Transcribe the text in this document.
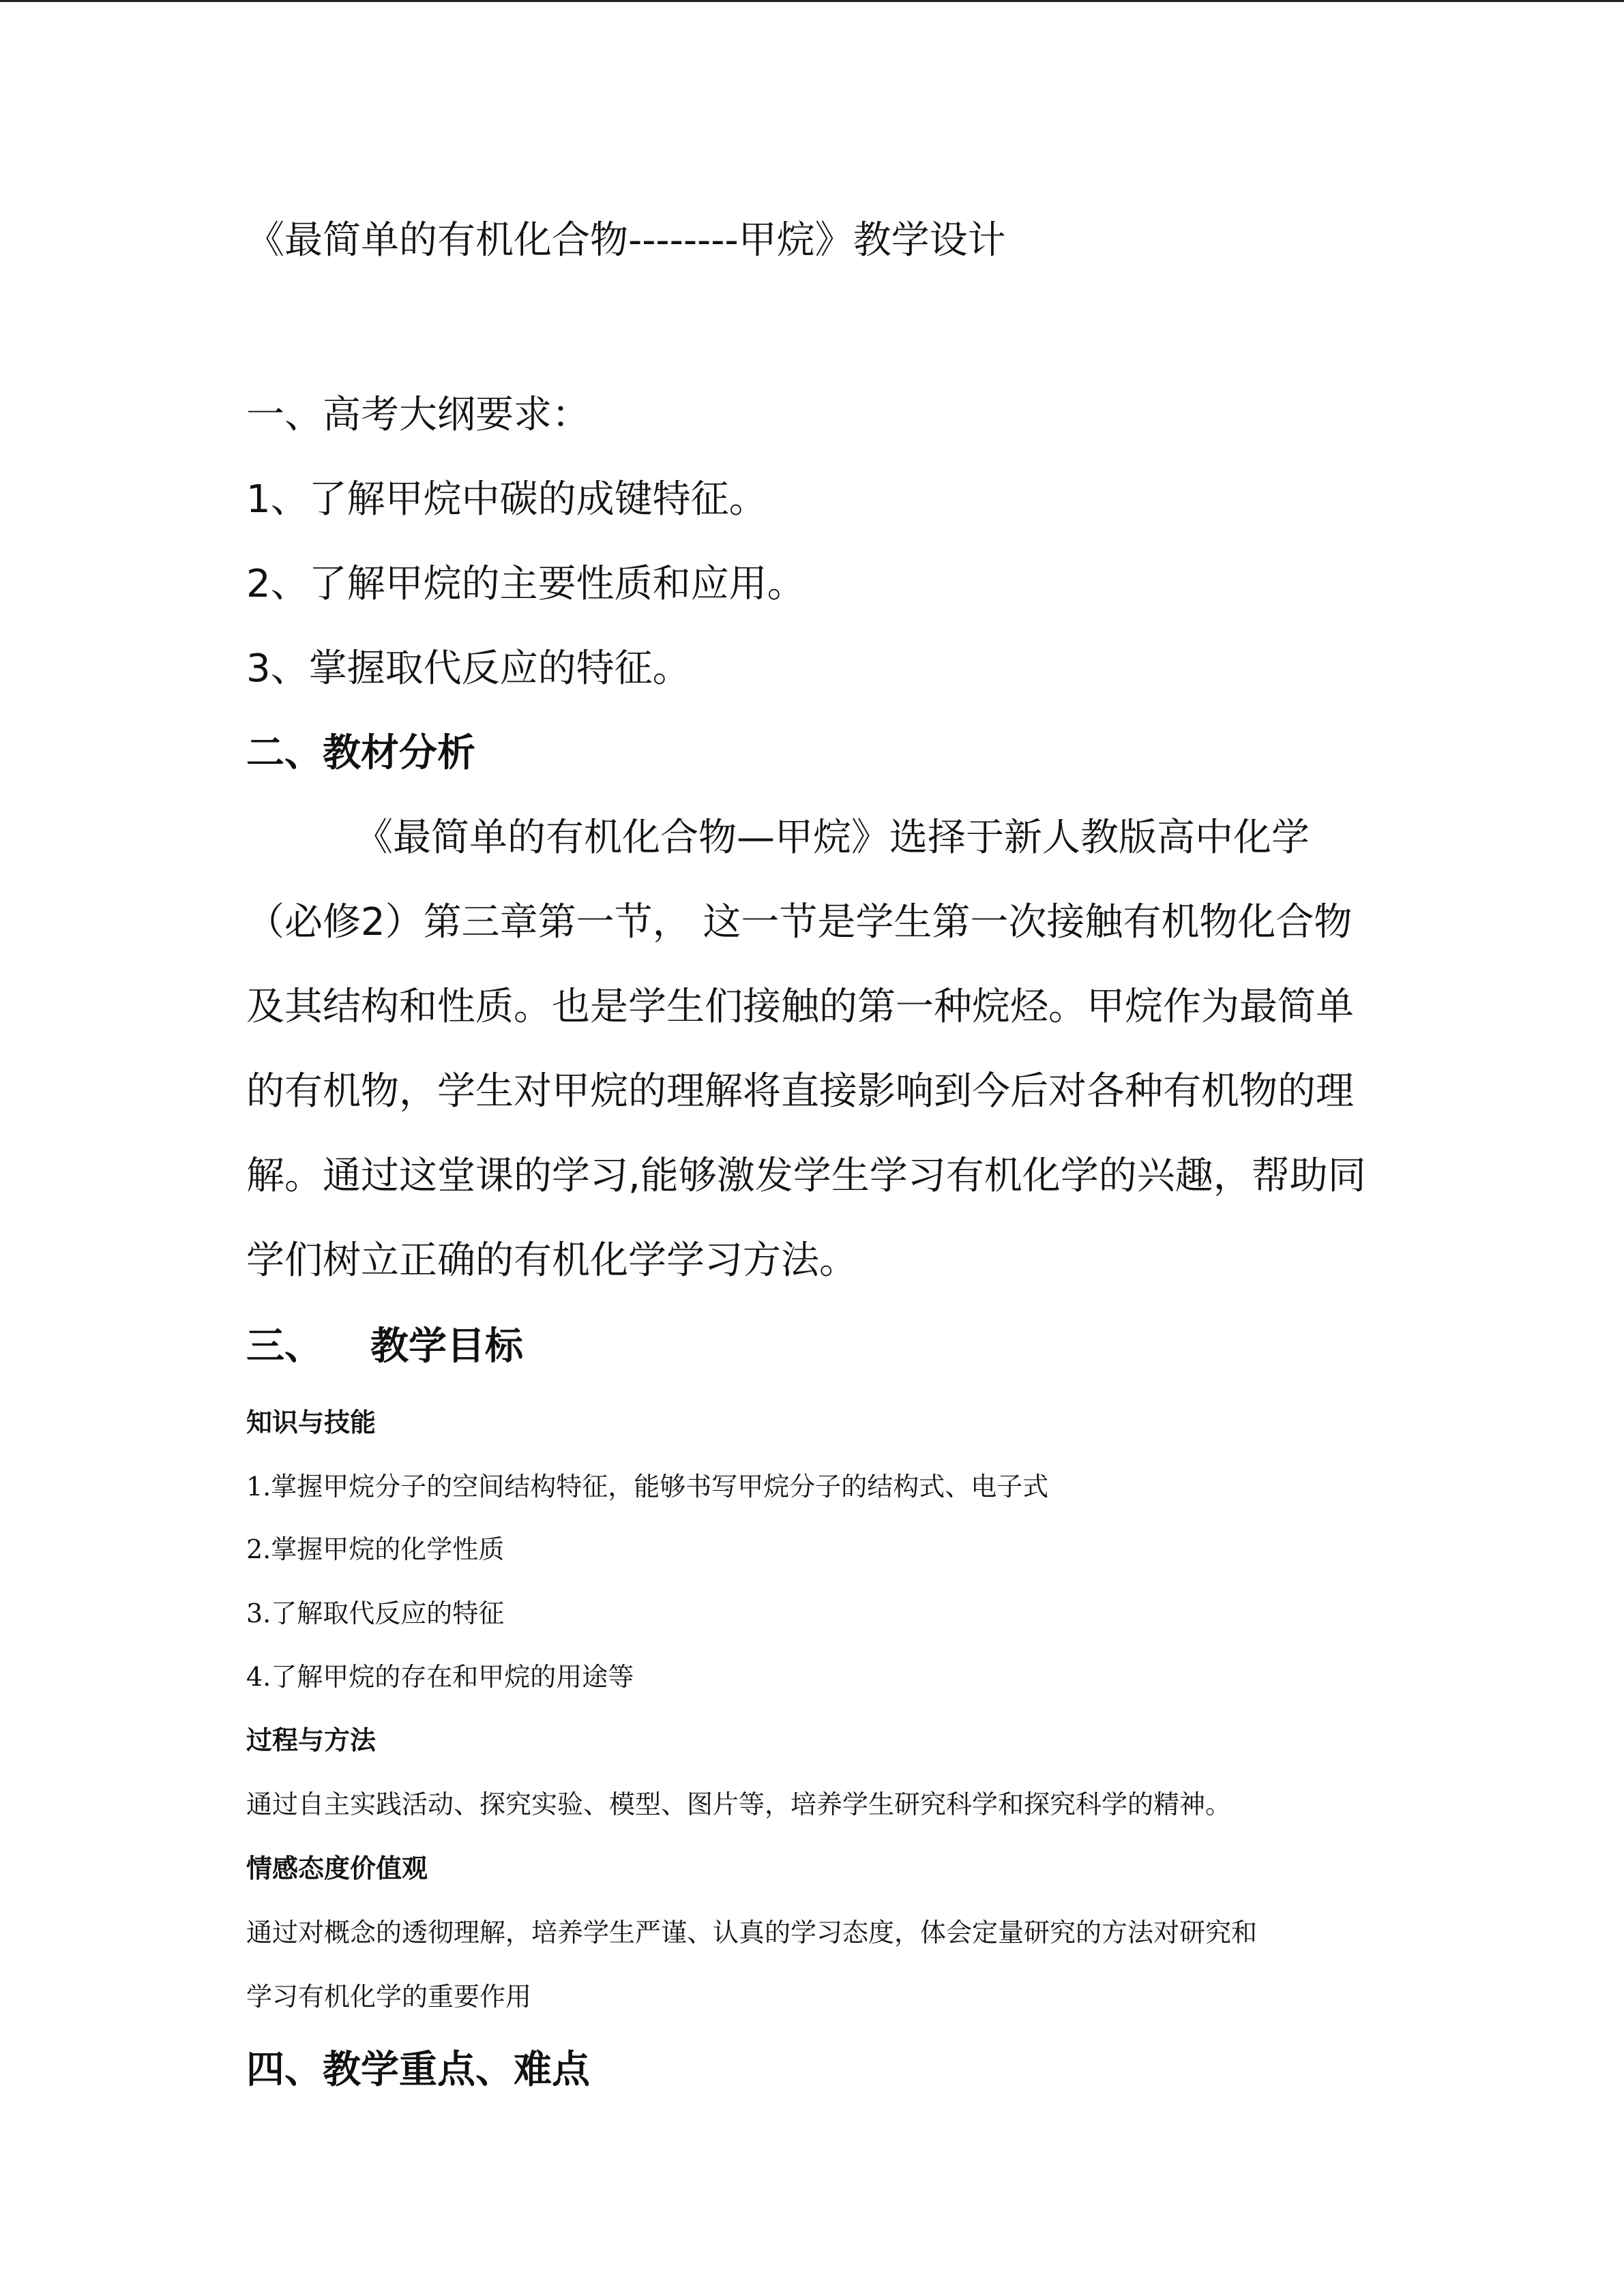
《最简单的有机化合物--------甲烷》教学设计
一、高考大纲要求：
1、了解甲烷中碳的成键特征。
2、了解甲烷的主要性质和应用。
3、掌握取代反应的特征。
二、教材分析
《最简单的有机化合物—甲烷》选择于新人教版高中化学
（必修2）第三章第一节， 这一节是学生第一次接触有机物化合物
及其结构和性质。也是学生们接触的第一种烷烃。甲烷作为最简单
的有机物，学生对甲烷的理解将直接影响到今后对各种有机物的理
解。通过这堂课的学习,能够激发学生学习有机化学的兴趣，帮助同
学们树立正确的有机化学学习方法。
三、 教学目标
知识与技能
1.掌握甲烷分子的空间结构特征，能够书写甲烷分子的结构式、电子式
2.掌握甲烷的化学性质
3.了解取代反应的特征
4.了解甲烷的存在和甲烷的用途等
过程与方法
通过自主实践活动、探究实验、模型、图片等，培养学生研究科学和探究科学的精神。
情感态度价值观
通过对概念的透彻理解，培养学生严谨、认真的学习态度，体会定量研究的方法对研究和
学习有机化学的重要作用
四、教学重点、难点
